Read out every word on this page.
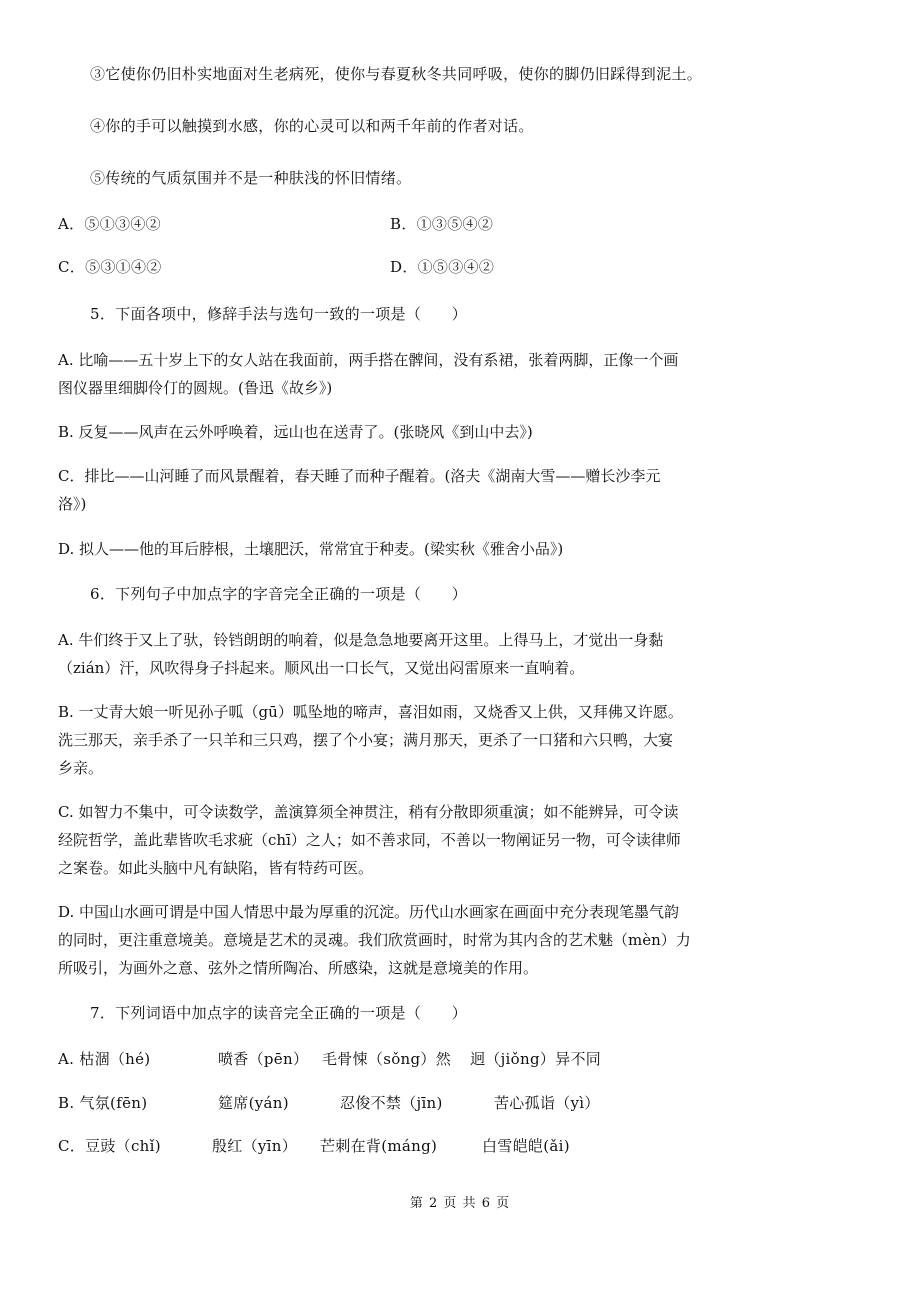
③它使你仍旧朴实地面对生老病死，使你与春夏秋冬共同呼吸，使你的脚仍旧踩得到泥土。
④你的手可以触摸到水感，你的心灵可以和两千年前的作者对话。
⑤传统的气质氛围并不是一种肤浅的怀旧情绪。
A．⑤①③④②	B．①③⑤④②
C．⑤③①④②	D．①⑤③④②
5．下面各项中，修辞手法与选句一致的一项是（　　）
A. 比喻——五十岁上下的女人站在我面前，两手搭在髀间，没有系裙，张着两脚，正像一个画
图仪器里细脚伶仃的圆规。(鲁迅《故乡》)
B. 反复——风声在云外呼唤着，远山也在送青了。(张晓风《到山中去》)
C．排比——山河睡了而风景醒着，春天睡了而种子醒着。(洛夫《湖南大雪——赠长沙李元
洛》)
D. 拟人——他的耳后脖根，土壤肥沃，常常宜于种麦。(梁实秋《雅舍小品》)
6．下列句子中加点字的字音完全正确的一项是（　　）
A. 牛们终于又上了驮，铃铛朗朗的响着，似是急急地要离开这里。上得马上，才觉出一身黏
（zián）汗，风吹得身子抖起来。顺风出一口长气，又觉出闷雷原来一直响着。
B. 一丈青大娘一听见孙子呱（gū）呱坠地的啼声，喜泪如雨，又烧香又上供，又拜佛又许愿。
洗三那天，亲手杀了一只羊和三只鸡，摆了个小宴；满月那天，更杀了一口猪和六只鸭，大宴
乡亲。
C. 如智力不集中，可令读数学，盖演算须全神贯注，稍有分散即须重演；如不能辨异，可令读
经院哲学，盖此辈皆吹毛求疵（chī）之人；如不善求同，不善以一物阐证另一物，可令读律师
之案卷。如此头脑中凡有缺陷，皆有特药可医。
D. 中国山水画可谓是中国人情思中最为厚重的沉淀。历代山水画家在画面中充分表现笔墨气韵
的同时，更注重意境美。意境是艺术的灵魂。我们欣赏画时，时常为其内含的艺术魅（mèn）力
所吸引，为画外之意、弦外之情所陶冶、所感染，这就是意境美的作用。
7．下列词语中加点字的读音完全正确的一项是（　　）
A. 枯涸（hé)	喷香（pēn） 毛骨悚（sǒng）然 迥（jiǒng）异不同
B. 气氛(fēn)	筵席(yán)	忍俊不禁（jīn)	苦心孤诣（yì）
C．豆豉（chǐ)	殷红（yīn） 芒刺在背(máng)	白雪皑皑(ǎi)
第 2 页 共 6 页
